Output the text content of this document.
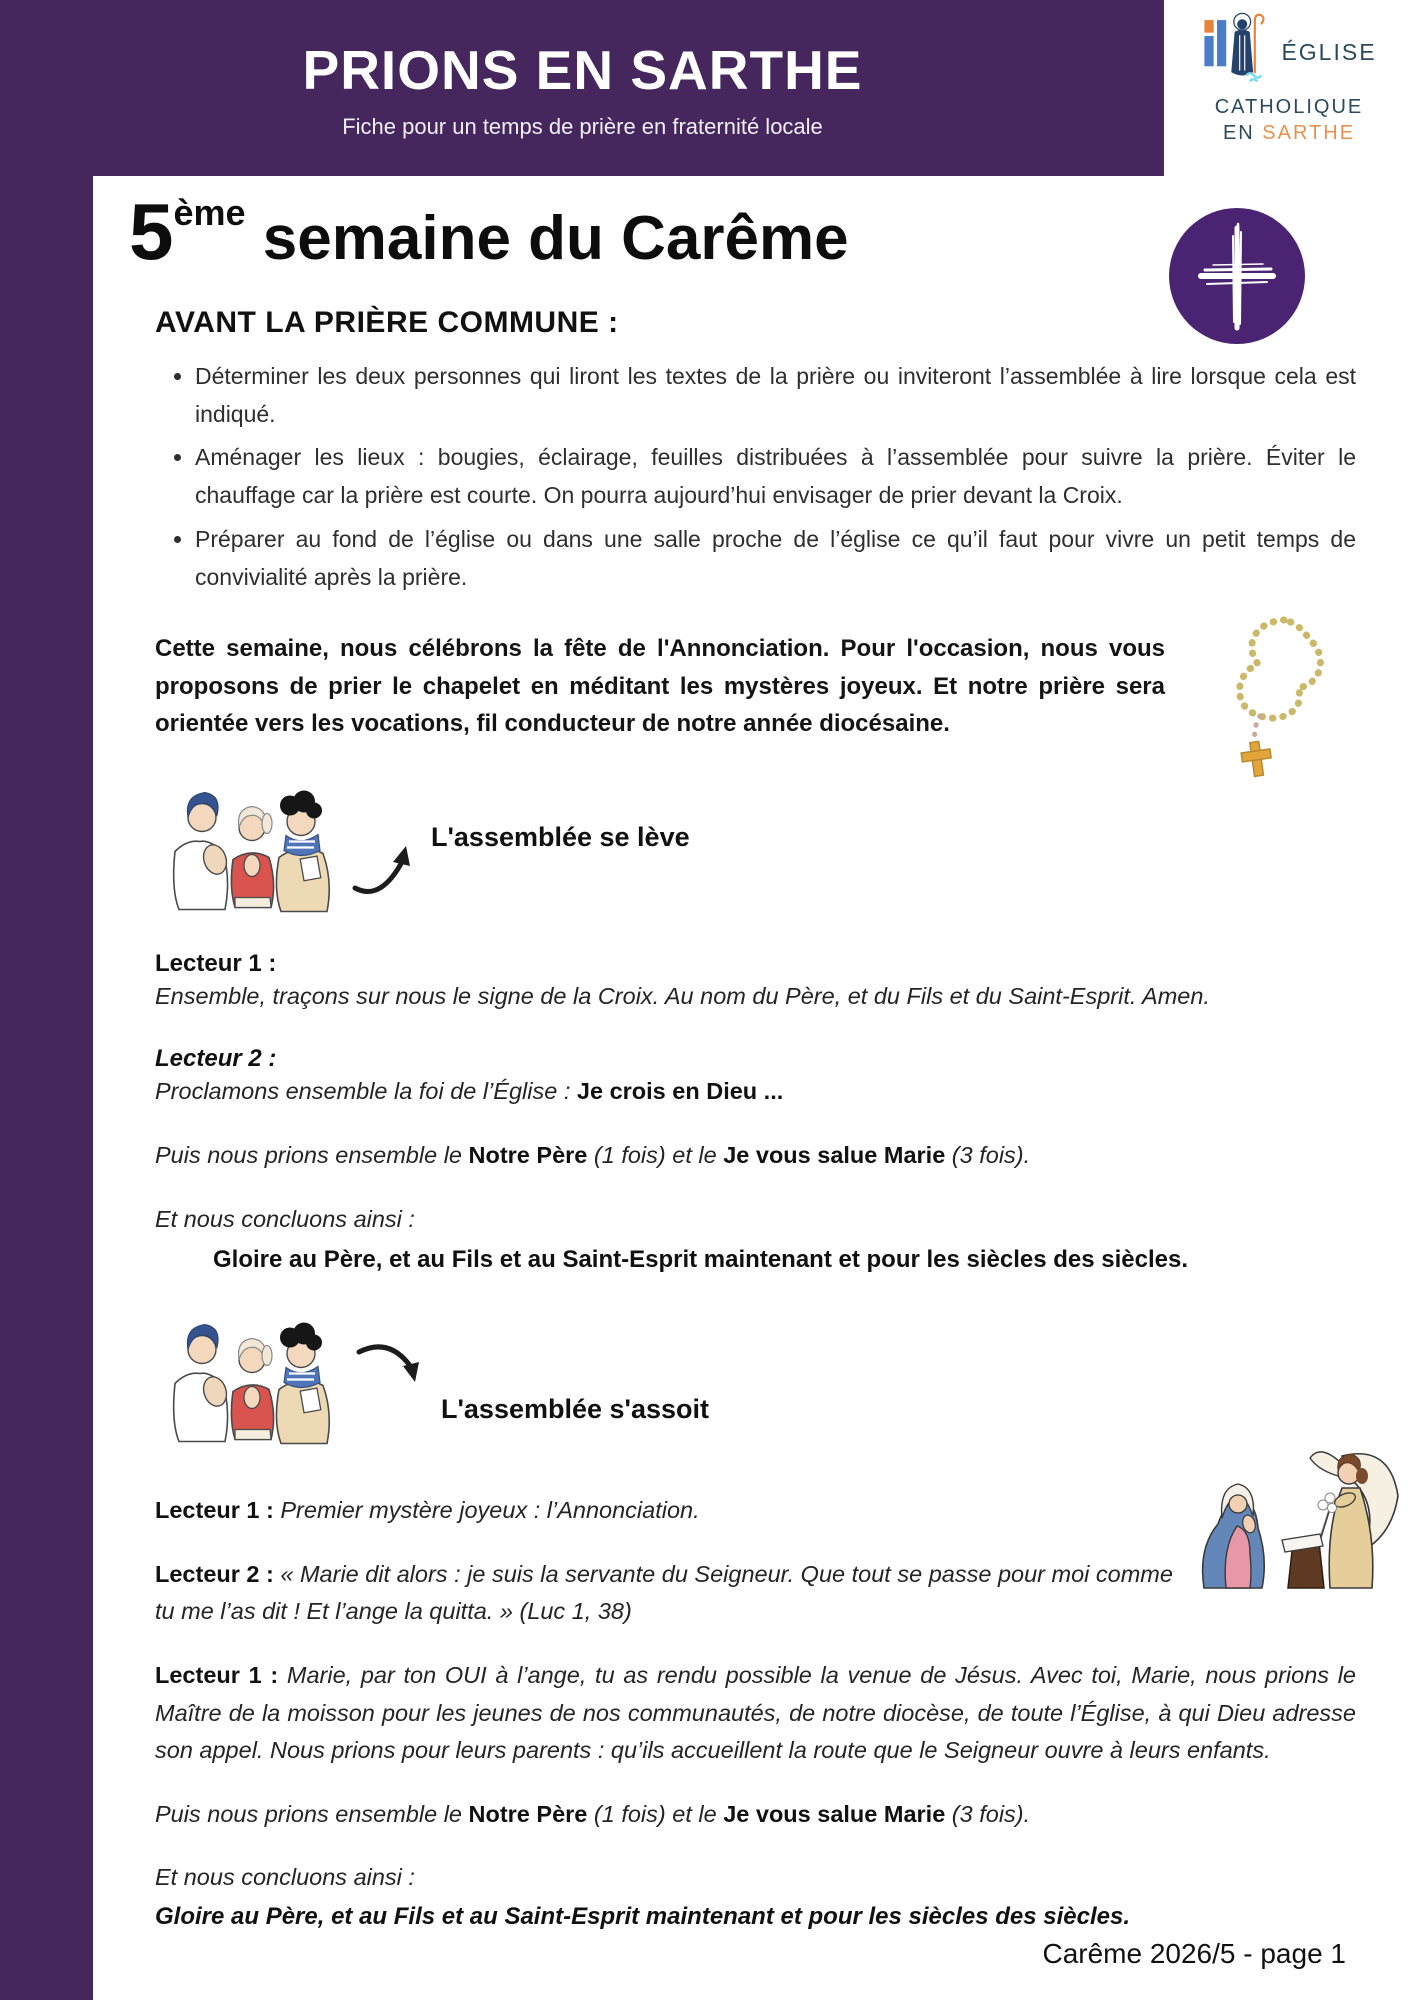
PRIONS EN SARTHE
Fiche pour un temps de prière en fraternité locale
ÉGLISE
CATHOLIQUE
EN SARTHE
5ème semaine du Carême
AVANT LA PRIÈRE COMMUNE :
• Déterminer les deux personnes qui liront les textes de la prière ou inviteront l’assemblée à lire lorsque cela est indiqué.
• Aménager les lieux : bougies, éclairage, feuilles distribuées à l’assemblée pour suivre la prière. Éviter le chauffage car la prière est courte. On pourra aujourd’hui envisager de prier devant la Croix.
• Préparer au fond de l’église ou dans une salle proche de l’église ce qu’il faut pour vivre un petit temps de convivialité après la prière.

Cette semaine, nous célébrons la fête de l'Annonciation. Pour l'occasion, nous vous proposons de prier le chapelet en méditant les mystères joyeux. Et notre prière sera orientée vers les vocations, fil conducteur de notre année diocésaine.

L'assemblée se lève

Lecteur 1 :

Ensemble, traçons sur nous le signe de la Croix. Au nom du Père, et du Fils et du Saint-Esprit. Amen.

Lecteur 2 :

Proclamons ensemble la foi de l’Église : Je crois en Dieu ...

Puis nous prions ensemble le Notre Père (1 fois) et le Je vous salue Marie (3 fois).

Et nous concluons ainsi :

Gloire au Père, et au Fils et au Saint-Esprit maintenant et pour les siècles des siècles.

L'assemblée s'assoit

Lecteur 1 : Premier mystère joyeux : l’Annonciation.

Lecteur 2 : « Marie dit alors : je suis la servante du Seigneur. Que tout se passe pour moi comme tu me l’as dit ! Et l’ange la quitta. » (Luc 1, 38)

Lecteur 1 : Marie, par ton OUI à l’ange, tu as rendu possible la venue de Jésus. Avec toi, Marie, nous prions le Maître de la moisson pour les jeunes de nos communautés, de notre diocèse, de toute l’Église, à qui Dieu adresse son appel. Nous prions pour leurs parents : qu’ils accueillent la route que le Seigneur ouvre à leurs enfants.

Puis nous prions ensemble le Notre Père (1 fois) et le Je vous salue Marie (3 fois).

Et nous concluons ainsi :

Gloire au Père, et au Fils et au Saint-Esprit maintenant et pour les siècles des siècles.

Carême 2026/5 - page 1
